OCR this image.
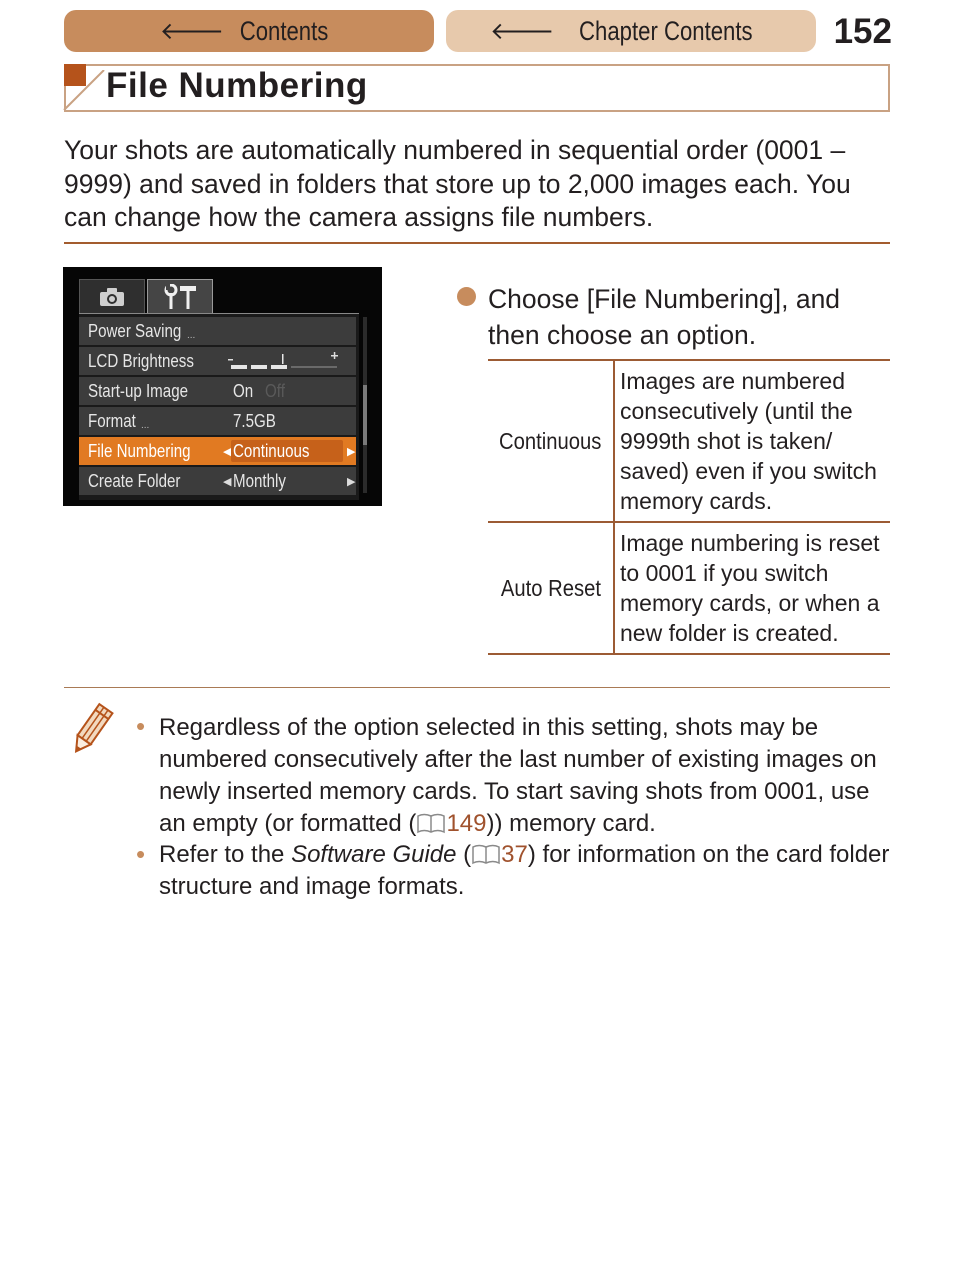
🡐 Contents	🡐 Chapter Contents 152
File Numbering
Your shots are automatically numbered in sequential order (0001 – 9999) and saved in folders that store up to 2,000 images each. You can change how the camera assigns file numbers.
Power Saving ...
LCD Brightness
Start-up Image On Off
Format ...	7.5GB
File Numbering	◀ Continuous	▶
Create Folder	◀ Monthly	▶
Choose [File Numbering], and then choose an option.
Continuous
Images are numbered consecutively (until the 9999th shot is taken/ saved) even if you switch memory cards.
Auto Reset
Image numbering is reset to 0001 if you switch memory cards, or when a new folder is created.
• Regardless of the option selected in this setting, shots may be numbered consecutively after the last number of existing images on newly inserted memory cards. To start saving shots from 0001, use an empty (or formatted ( 149)) memory card.
• Refer to the Software Guide ( 37) for information on the card folder structure and image formats.
